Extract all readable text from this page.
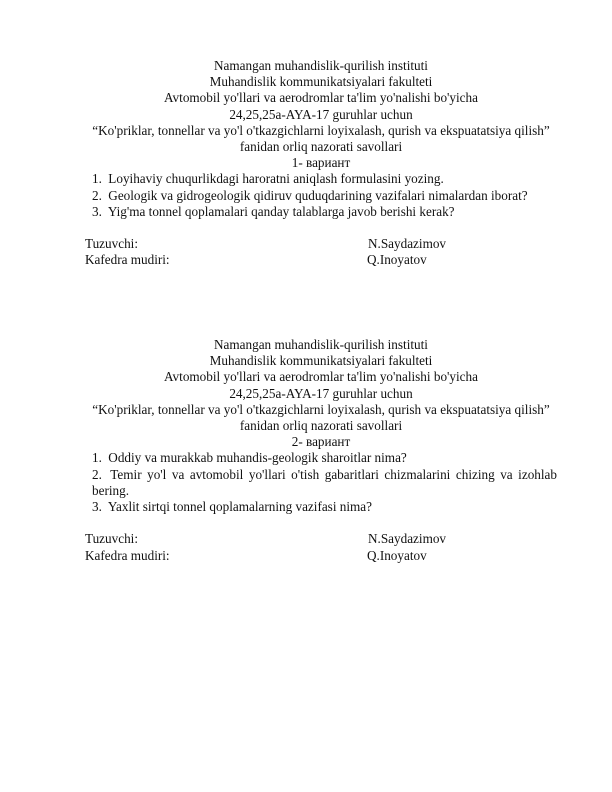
Namangan muhandislik-qurilish instituti
Muhandislik kommunikatsiyalari fakulteti
Avtomobil yo'llari va aerodromlar ta'lim yo'nalishi bo'yicha
24,25,25a-AYA-17 guruhlar uchun
“Ko'priklar, tonnellar va yo'l o'tkazgichlarni loyixalash, qurish va ekspuatatsiya qilish”
fanidan orliq nazorati savollari
1- вариант
1. Loyihaviy chuqurlikdagi haroratni aniqlash formulasini yozing.
2. Geologik va gidrogeologik qidiruv quduqdarining vazifalari nimalardan iborat?
3. Yig'ma tonnel qoplamalari qanday talablarga javob berishi kerak?
Tuzuvchi:	N.Saydazimov
Kafedra mudiri:	Q.Inoyatov
Namangan muhandislik-qurilish instituti
Muhandislik kommunikatsiyalari fakulteti
Avtomobil yo'llari va aerodromlar ta'lim yo'nalishi bo'yicha
24,25,25a-AYA-17 guruhlar uchun
“Ko'priklar, tonnellar va yo'l o'tkazgichlarni loyixalash, qurish va ekspuatatsiya qilish”
fanidan orliq nazorati savollari
2- вариант
1. Oddiy va murakkab muhandis-geologik sharoitlar nima?
2. Temir yo'l va avtomobil yo'llari o'tish gabaritlari chizmalarini chizing va izohlab bering.
3. Yaxlit sirtqi tonnel qoplamalarning vazifasi nima?
Tuzuvchi:	N.Saydazimov
Kafedra mudiri:	Q.Inoyatov
